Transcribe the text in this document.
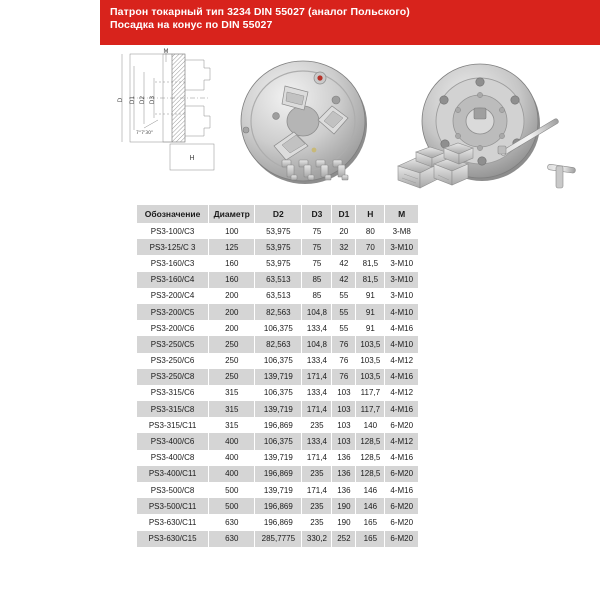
Патрон токарный тип 3234 DIN 55027 (аналог Польского)
Посадка на конус по DIN 55027
D D1 D2 D3
M
H
7°7'30"
Обозначение	Диаметр	D2	D3	D1	H	M
PS3-100/C3	100	53,975	75	20	80	3-M8
PS3-125/C 3	125	53,975	75	32	70	3-M10
PS3-160/C3	160	53,975	75	42	81,5	3-M10
PS3-160/C4	160	63,513	85	42	81,5	3-M10
PS3-200/C4	200	63,513	85	55	91	3-M10
PS3-200/C5	200	82,563	104,8	55	91	4-M10
PS3-200/C6	200	106,375	133,4	55	91	4-M16
PS3-250/C5	250	82,563	104,8	76	103,5	4-M10
PS3-250/C6	250	106,375	133,4	76	103,5	4-M12
PS3-250/C8	250	139,719	171,4	76	103,5	4-M16
PS3-315/C6	315	106,375	133,4	103	117,7	4-M12
PS3-315/C8	315	139,719	171,4	103	117,7	4-M16
PS3-315/C11	315	196,869	235	103	140	6-M20
PS3-400/C6	400	106,375	133,4	103	128,5	4-M12
PS3-400/C8	400	139,719	171,4	136	128,5	4-M16
PS3-400/C11	400	196,869	235	136	128,5	6-M20
PS3-500/C8	500	139,719	171,4	136	146	4-M16
PS3-500/C11	500	196,869	235	190	146	6-M20
PS3-630/C11	630	196,869	235	190	165	6-M20
PS3-630/C15	630	285,7775	330,2	252	165	6-M20
